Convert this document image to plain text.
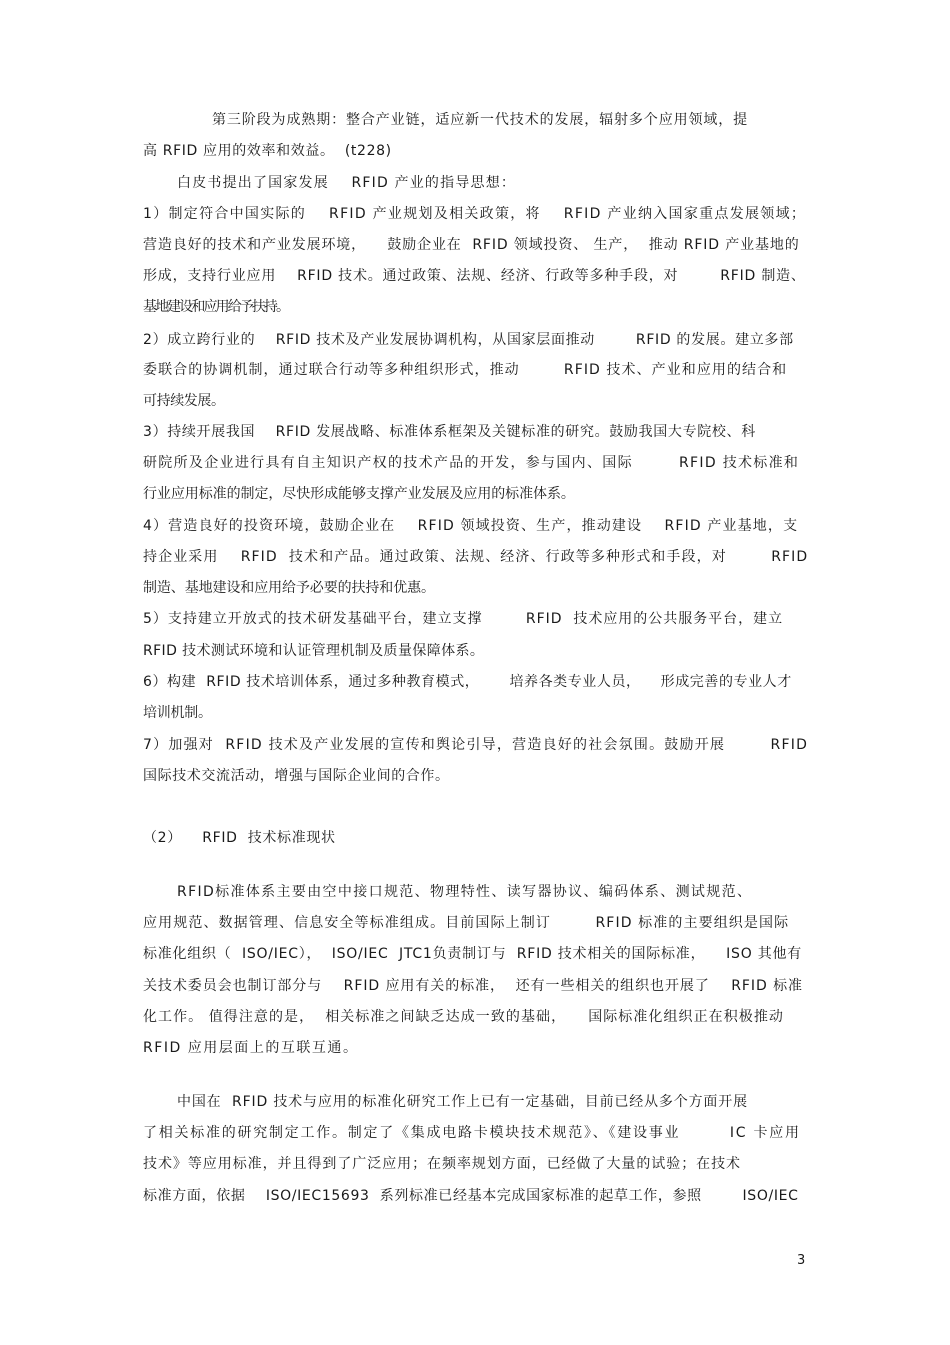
第三阶段为成熟期：整合产业链，适应新一代技术的发展，辐射多个应用领域，提
高 RFID 应用的效率和效益。  (t228)
白皮书提出了国家发展    RFID 产业的指导思想：
1）制定符合中国实际的    RFID 产业规划及相关政策，将    RFID 产业纳入国家重点发展领域；
营造良好的技术和产业发展环境，    鼓励企业在  RFID 领域投资、 生产，  推动 RFID 产业基地的
形成，支持行业应用    RFID 技术。通过政策、法规、经济、行政等多种手段，对        RFID 制造、
基地建设和应用给予扶持。
2）成立跨行业的    RFID 技术及产业发展协调机构，从国家层面推动        RFID 的发展。建立多部
委联合的协调机制，通过联合行动等多种组织形式，推动        RFID 技术、产业和应用的结合和
可持续发展。
3）持续开展我国    RFID 发展战略、标准体系框架及关键标准的研究。鼓励我国大专院校、科
研院所及企业进行具有自主知识产权的技术产品的开发，参与国内、国际        RFID 技术标准和
行业应用标准的制定，尽快形成能够支撑产业发展及应用的标准体系。
4）营造良好的投资环境，鼓励企业在    RFID 领域投资、生产，推动建设    RFID 产业基地，支
持企业采用    RFID  技术和产品。通过政策、法规、经济、行政等多种形式和手段，对        RFID
制造、基地建设和应用给予必要的扶持和优惠。
5）支持建立开放式的技术研发基础平台，建立支撑        RFID  技术应用的公共服务平台，建立
RFID 技术测试环境和认证管理机制及质量保障体系。
6）构建  RFID 技术培训体系，通过多种教育模式，      培养各类专业人员，    形成完善的专业人才
培训机制。
7）加强对  RFID 技术及产业发展的宣传和舆论引导，营造良好的社会氛围。鼓励开展        RFID
国际技术交流活动，增强与国际企业间的合作。
（2）    RFID  技术标准现状
RFID标准体系主要由空中接口规范、物理特性、读写器协议、编码体系、测试规范、
应用规范、数据管理、信息安全等标准组成。目前国际上制订        RFID 标准的主要组织是国际
标准化组织（  ISO/IEC），  ISO/IEC  JTC1负责制订与  RFID 技术相关的国际标准，    ISO 其他有
关技术委员会也制订部分与    RFID 应用有关的标准，  还有一些相关的组织也开展了    RFID 标准
化工作。 值得注意的是，  相关标准之间缺乏达成一致的基础，    国际标准化组织正在积极推动
RFID 应用层面上的互联互通。
中国在  RFID 技术与应用的标准化研究工作上已有一定基础，目前已经从多个方面开展
了相关标准的研究制定工作。制定了《集成电路卡模块技术规范》、《建设事业        IC 卡应用
技术》等应用标准，并且得到了广泛应用；在频率规划方面，已经做了大量的试验；在技术
标准方面，依据    ISO/IEC15693  系列标准已经基本完成国家标准的起草工作，参照        ISO/IEC
3
